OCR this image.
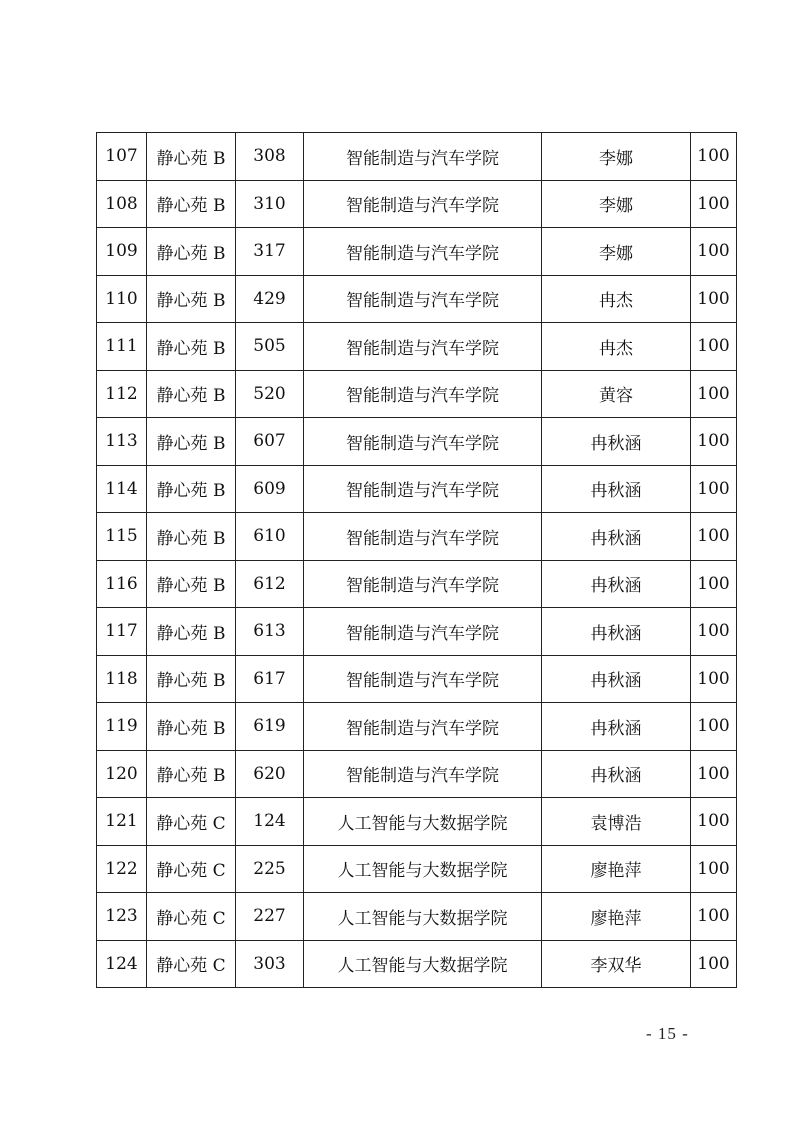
107	静心苑 B	308	智能制造与汽车学院	李娜	100
108	静心苑 B	310	智能制造与汽车学院	李娜	100
109	静心苑 B	317	智能制造与汽车学院	李娜	100
110	静心苑 B	429	智能制造与汽车学院	冉杰	100
111	静心苑 B	505	智能制造与汽车学院	冉杰	100
112	静心苑 B	520	智能制造与汽车学院	黄容	100
113	静心苑 B	607	智能制造与汽车学院	冉秋涵	100
114	静心苑 B	609	智能制造与汽车学院	冉秋涵	100
115	静心苑 B	610	智能制造与汽车学院	冉秋涵	100
116	静心苑 B	612	智能制造与汽车学院	冉秋涵	100
117	静心苑 B	613	智能制造与汽车学院	冉秋涵	100
118	静心苑 B	617	智能制造与汽车学院	冉秋涵	100
119	静心苑 B	619	智能制造与汽车学院	冉秋涵	100
120	静心苑 B	620	智能制造与汽车学院	冉秋涵	100
121	静心苑 C	124	人工智能与大数据学院	袁博浩	100
122	静心苑 C	225	人工智能与大数据学院	廖艳萍	100
123	静心苑 C	227	人工智能与大数据学院	廖艳萍	100
124	静心苑 C	303	人工智能与大数据学院	李双华	100
- 15 -
